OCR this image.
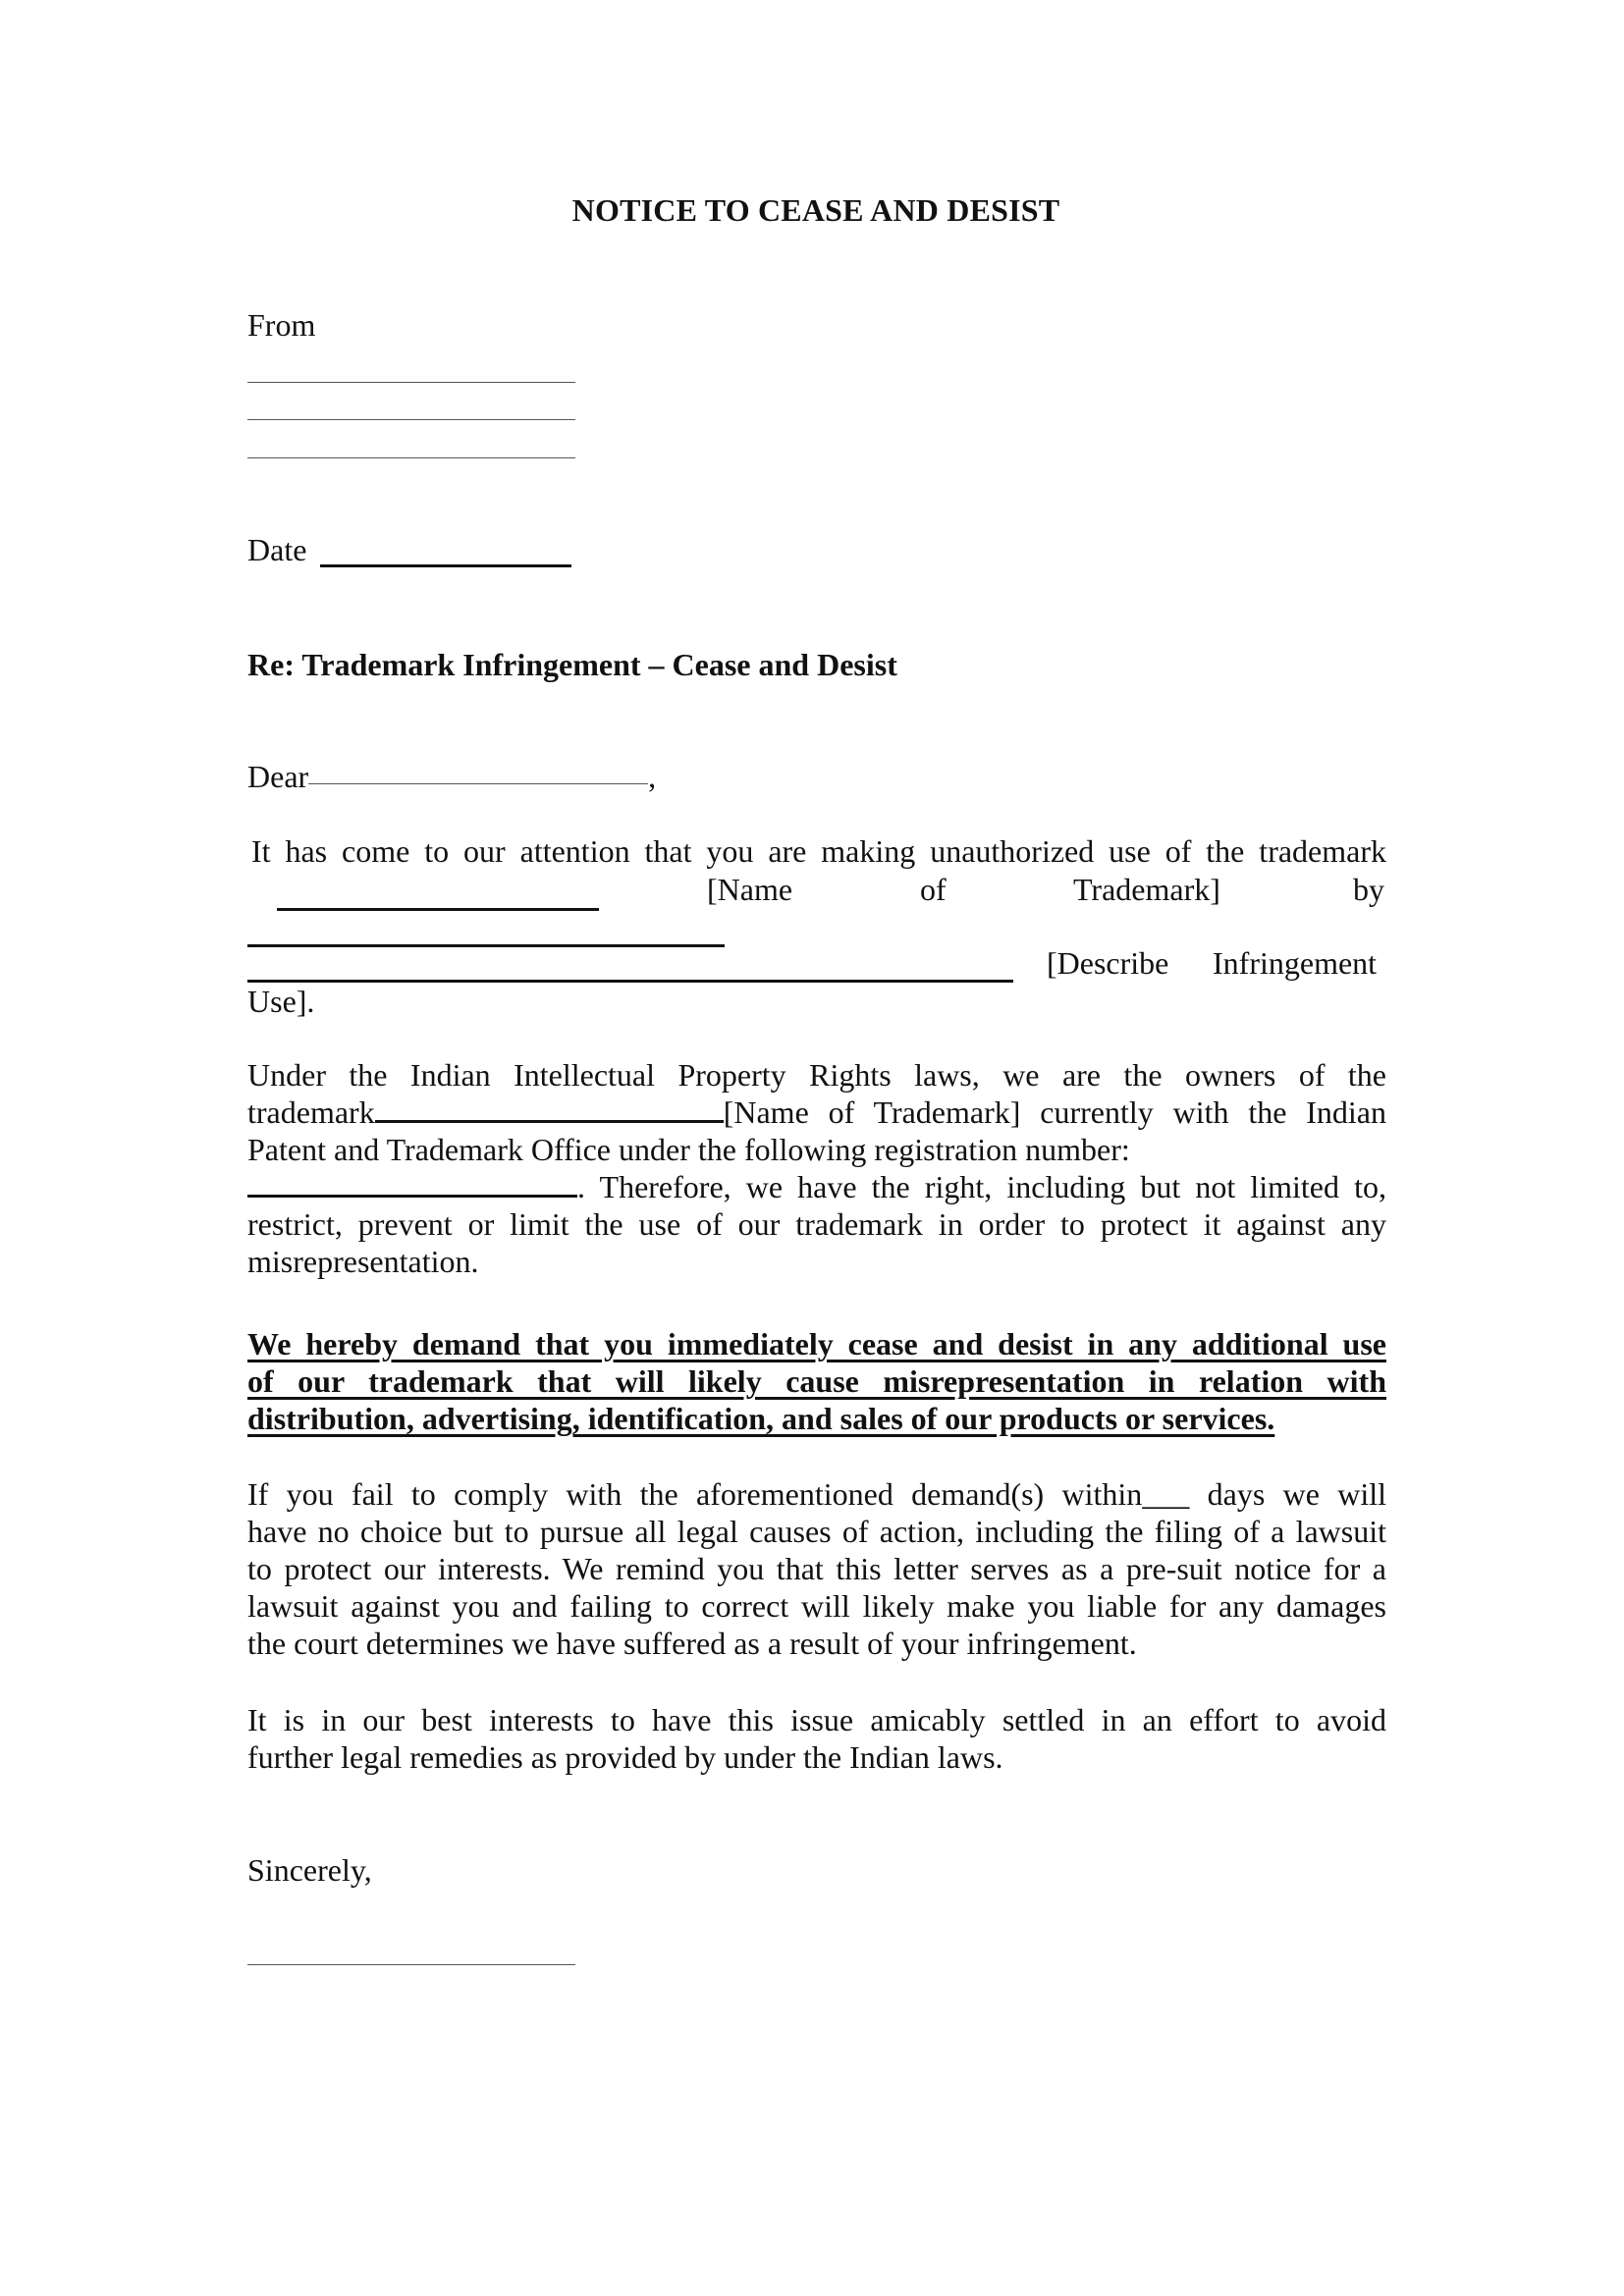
NOTICE TO CEASE AND DESIST
From
Date
Re: Trademark Infringement – Cease and Desist
Dear	,
It has come to our attention that you are making unauthorized use of the trademark
[Name	of	Trademark]	by
[Describe Infringement
Use].
Under the Indian Intellectual Property Rights laws, we are the owners of the
trademark	[Name of Trademark] currently with the Indian
Patent and Trademark Office under the following registration number:
. Therefore, we have the right, including but not limited to,
restrict, prevent or limit the use of our trademark in order to protect it against any
misrepresentation.
We hereby demand that you immediately cease and desist in any additional use
of our trademark that will likely cause misrepresentation in relation with
distribution, advertising, identification, and sales of our products or services.
If you fail to comply with the aforementioned demand(s) within___ days we will
have no choice but to pursue all legal causes of action, including the filing of a lawsuit
to protect our interests. We remind you that this letter serves as a pre-suit notice for a
lawsuit against you and failing to correct will likely make you liable for any damages
the court determines we have suffered as a result of your infringement.
It is in our best interests to have this issue amicably settled in an effort to avoid
further legal remedies as provided by under the Indian laws.
Sincerely,
